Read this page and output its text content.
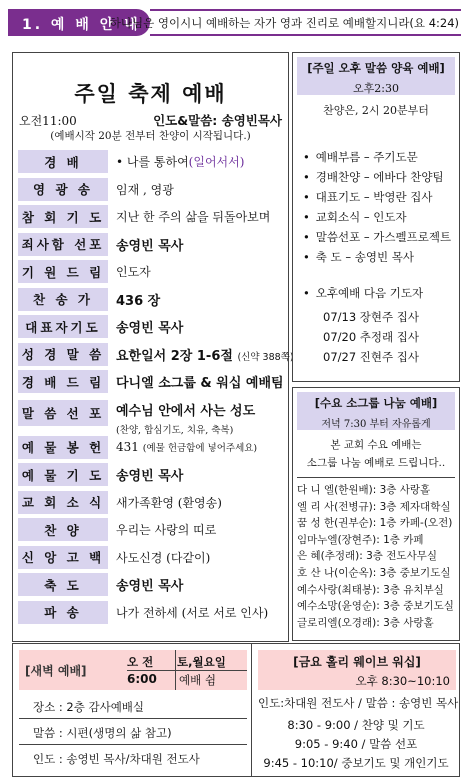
1. 예 배 안 내
하나님은 영이시니 예배하는 자가 영과 진리로 예배할지니라(요 4:24)
주일 축제 예배
오전11:00	인도&말씀: 송영빈목사
(예배시작 20분 전부터 찬양이 시작됩니다.)
경 배	• 나를 통하여(일어서서)
영 광 송	임재 , 영광
참 회 기 도 지난 한 주의 삶을 뒤돌아보며
죄사함 선포 송영빈 목사
기 원 드 림 인도자
찬 송 가	436 장
대표자기도	송영빈 목사
성 경 말 씀 요한일서 2장 1-6절 (신약 388쪽)
경 배 드 림 다니엘 소그룹 & 워십 예배팀
말 씀 선 포 예수님 안에서 사는 성도
(찬양, 합심기도, 치유, 축복)
예 물 봉 헌 431 (예물 헌금함에 넣어주세요)
예 물 기 도 송영빈 목사
교 회 소 식 새가족환영 (환영송)
찬 양	우리는 사랑의 띠로
신 앙 고 백 사도신경 (다같이)
축 도	송영빈 목사
파 송	나가 전하세 (서로 서로 인사)
[주일 오후 말씀 양육 예배]
오후2:30
찬양은, 2시 20분부터
• 예배부름 – 주기도문
• 경배찬양 – 에바다 찬양팀
• 대표기도 – 박영란 집사
• 교회소식 – 인도자
• 말씀선포 – 가스펠프로젝트
• 축 도 – 송영빈 목사
• 오후예배 다음 기도자
07/13 장현주 집사
07/20 추정래 집사
07/27 진현주 집사
[수요 소그룹 나눔 예배]
저녁 7:30 부터 자유롭게
본 교회 수요 예배는
소그룹 나눔 예배로 드립니다..
다 니 엘(한원배): 3층 사랑홀
엘 리 사(전병규): 3층 제자대학실
꿈 성 한(권부순): 1층 카페-(오전)
임마누엘(장현주): 1층 카페
은 혜(추정래): 3층 전도사무실
호 산 나(이순옥): 3층 중보기도실
예수사랑(최태봉): 3층 유치부실
예수소망(윤영순): 3층 중보기도실
글로리엘(오경래): 3층 사랑홀
[새벽 예배]
오 전 토,월요일
6:00 예배 쉼
장소 : 2층 감사예배실
말씀 : 시편(생명의 삶 참고)
인도 : 송영빈 목사/차대원 전도사
[금요 홀리 웨이브 워십]
오후 8:30~10:10
인도:차대원 전도사 / 말씀 : 송영빈 목사
8:30 - 9:00 / 찬양 및 기도
9:05 - 9:40 / 말씀 선포
9:45 - 10:10/ 중보기도 및 개인기도
